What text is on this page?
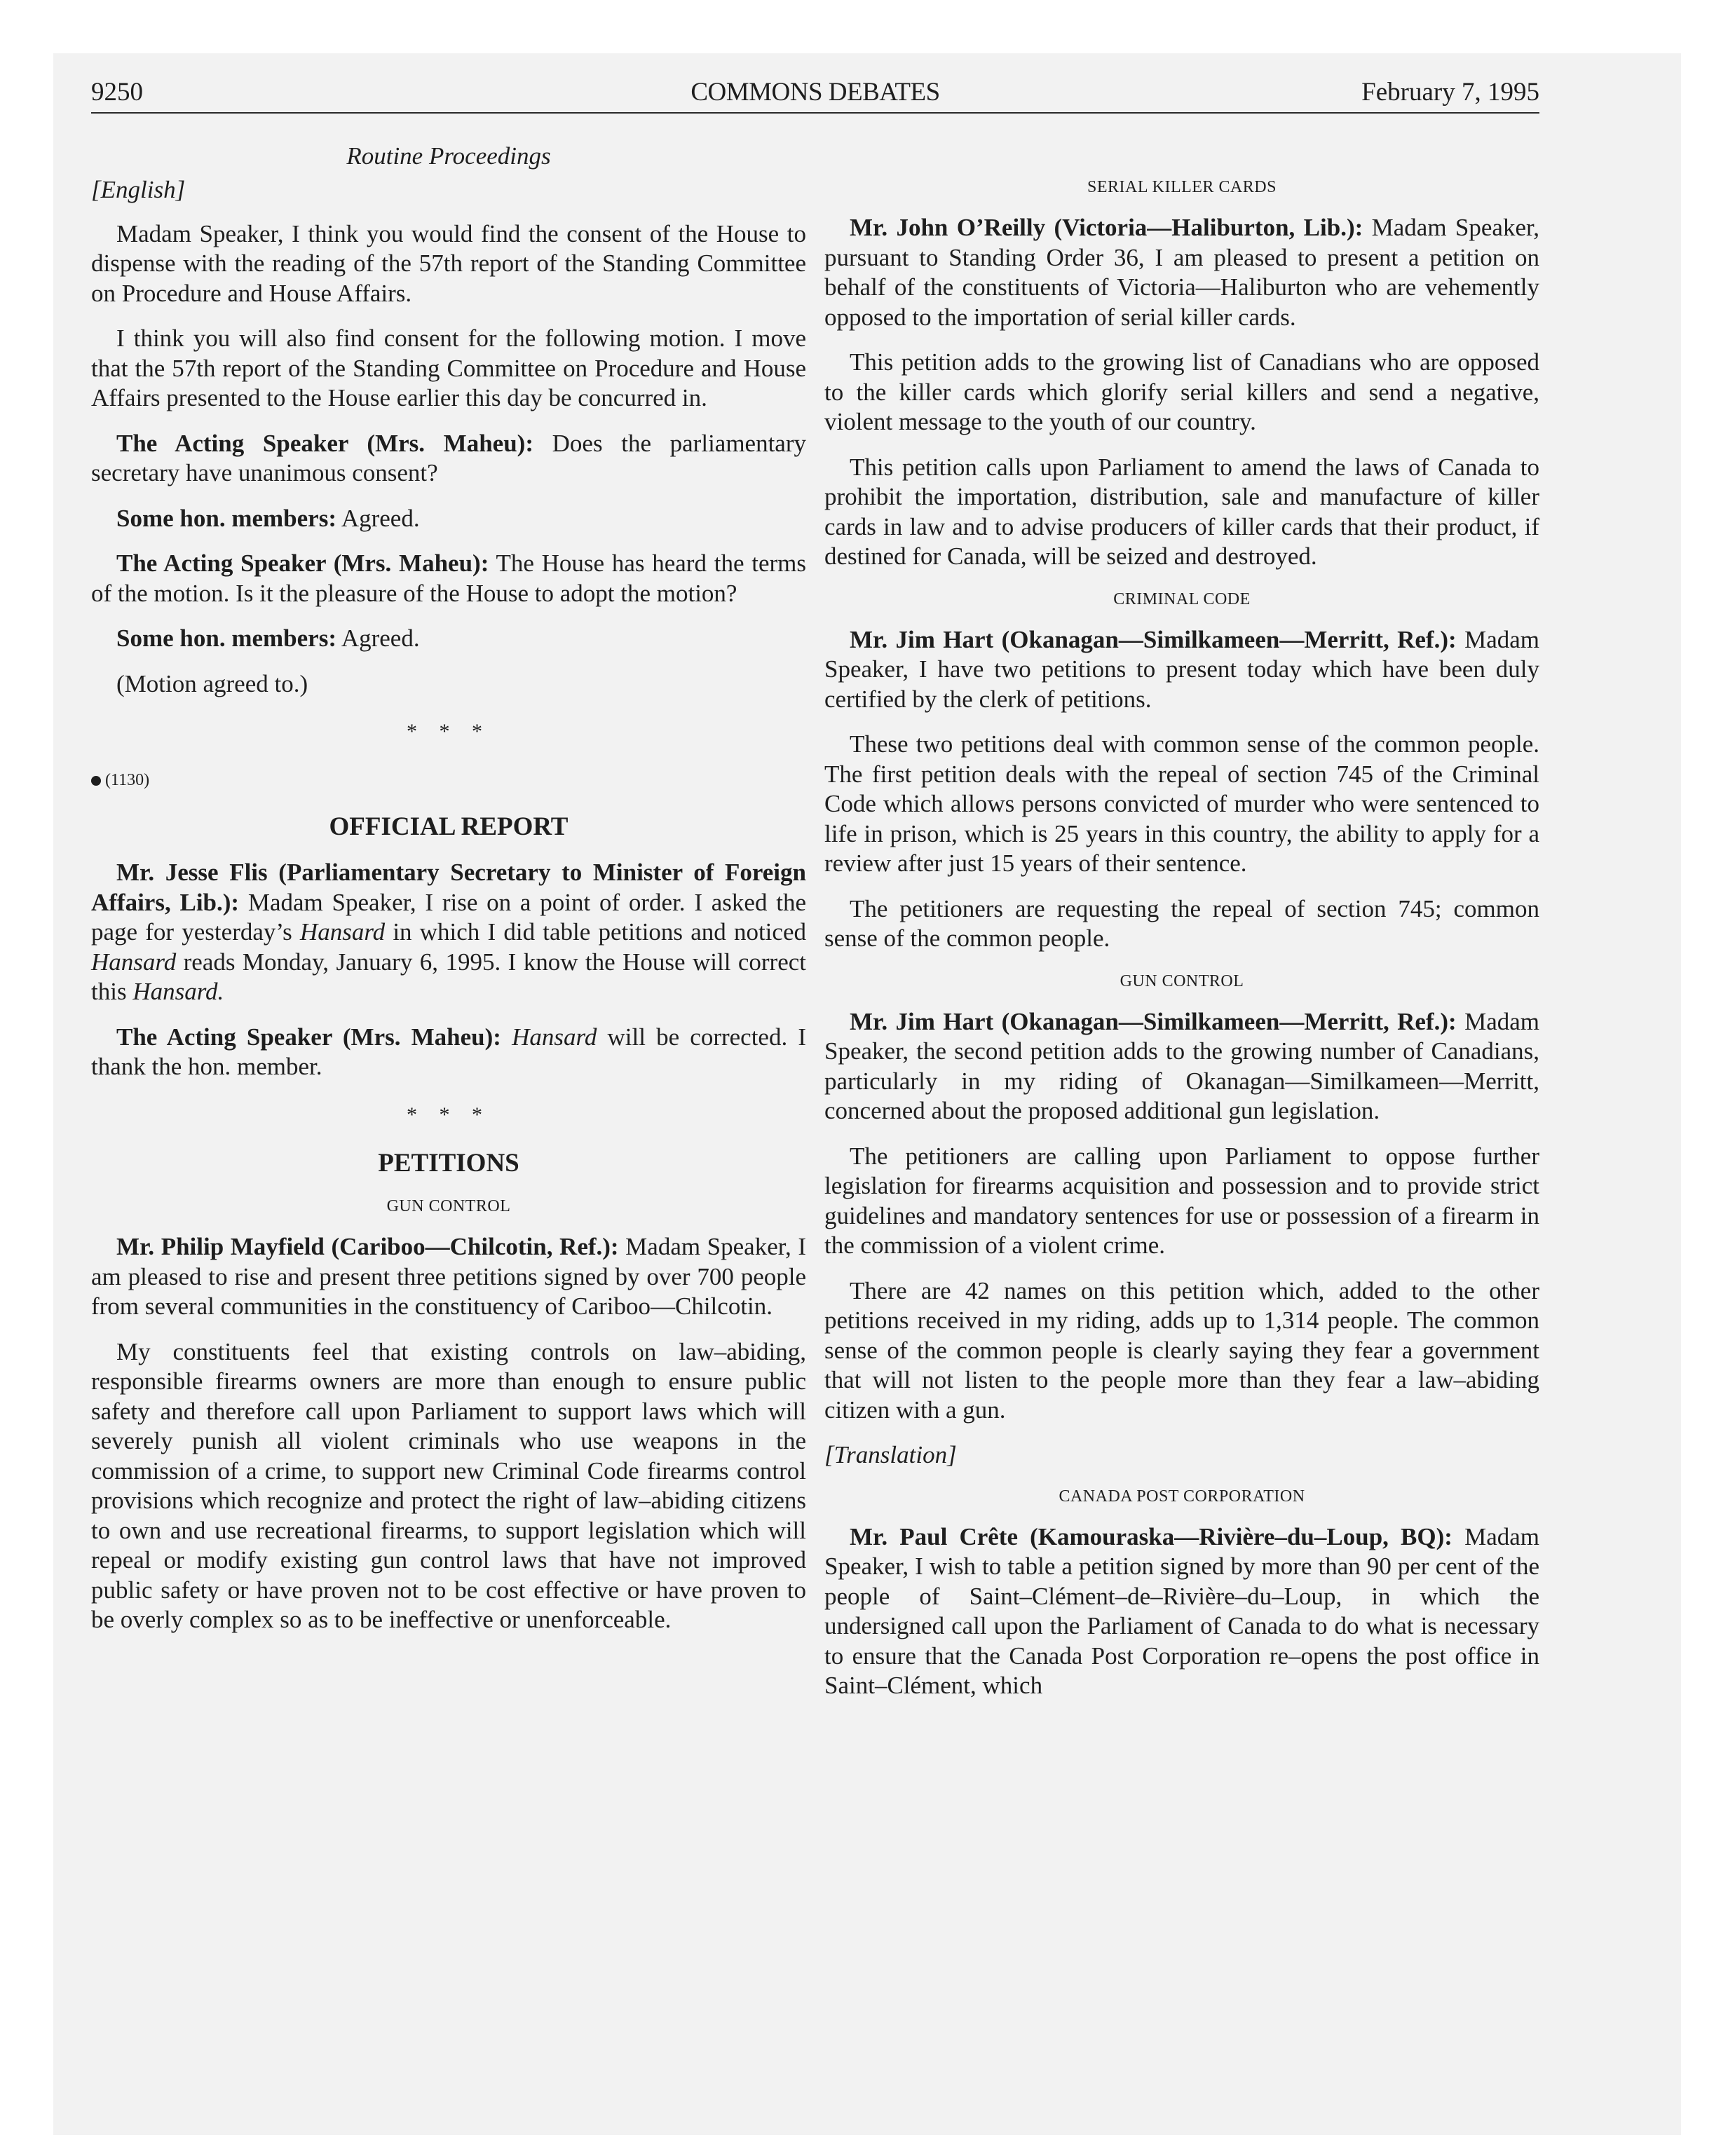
9250	COMMONS DEBATES	February 7, 1995
Routine Proceedings
[English]

Madam Speaker, I think you would find the consent of the House to dispense with the reading of the 57th report of the Standing Committee on Procedure and House Affairs.

I think you will also find consent for the following motion. I move that the 57th report of the Standing Committee on Procedure and House Affairs presented to the House earlier this day be concurred in.

The Acting Speaker (Mrs. Maheu): Does the parliamentary secretary have unanimous consent?

Some hon. members: Agreed.

The Acting Speaker (Mrs. Maheu): The House has heard the terms of the motion. Is it the pleasure of the House to adopt the motion?

Some hon. members: Agreed.

(Motion agreed to.)

* * *
(1130)
OFFICIAL REPORT

Mr. Jesse Flis (Parliamentary Secretary to Minister of Foreign Affairs, Lib.): Madam Speaker, I rise on a point of order. I asked the page for yesterday’s Hansard in which I did table petitions and noticed Hansard reads Monday, January 6, 1995. I know the House will correct this Hansard.

The Acting Speaker (Mrs. Maheu): Hansard will be corrected. I thank the hon. member.

* * *
PETITIONS
GUN CONTROL

Mr. Philip Mayfield (Cariboo—Chilcotin, Ref.): Madam Speaker, I am pleased to rise and present three petitions signed by over 700 people from several communities in the constituency of Cariboo—Chilcotin.

My constituents feel that existing controls on law–abiding, responsible firearms owners are more than enough to ensure public safety and therefore call upon Parliament to support laws which will severely punish all violent criminals who use weapons in the commission of a crime, to support new Criminal Code firearms control provisions which recognize and protect the right of law–abiding citizens to own and use recreational firearms, to support legislation which will repeal or modify existing gun control laws that have not improved public safety or have proven not to be cost effective or have proven to be overly complex so as to be ineffective or unenforceable.

SERIAL KILLER CARDS

Mr. John O’Reilly (Victoria—Haliburton, Lib.): Madam Speaker, pursuant to Standing Order 36, I am pleased to present a petition on behalf of the constituents of Victoria—Haliburton who are vehemently opposed to the importation of serial killer cards.

This petition adds to the growing list of Canadians who are opposed to the killer cards which glorify serial killers and send a negative, violent message to the youth of our country.

This petition calls upon Parliament to amend the laws of Canada to prohibit the importation, distribution, sale and manufacture of killer cards in law and to advise producers of killer cards that their product, if destined for Canada, will be seized and destroyed.

CRIMINAL CODE

Mr. Jim Hart (Okanagan—Similkameen—Merritt, Ref.): Madam Speaker, I have two petitions to present today which have been duly certified by the clerk of petitions.

These two petitions deal with common sense of the common people. The first petition deals with the repeal of section 745 of the Criminal Code which allows persons convicted of murder who were sentenced to life in prison, which is 25 years in this country, the ability to apply for a review after just 15 years of their sentence.

The petitioners are requesting the repeal of section 745; common sense of the common people.

GUN CONTROL

Mr. Jim Hart (Okanagan—Similkameen—Merritt, Ref.): Madam Speaker, the second petition adds to the growing number of Canadians, particularly in my riding of Okanagan—Similkameen—Merritt, concerned about the proposed additional gun legislation.

The petitioners are calling upon Parliament to oppose further legislation for firearms acquisition and possession and to provide strict guidelines and mandatory sentences for use or possession of a firearm in the commission of a violent crime.

There are 42 names on this petition which, added to the other petitions received in my riding, adds up to 1,314 people. The common sense of the common people is clearly saying they fear a government that will not listen to the people more than they fear a law–abiding citizen with a gun.

[Translation]
CANADA POST CORPORATION

Mr. Paul Crête (Kamouraska—Rivière–du–Loup, BQ): Madam Speaker, I wish to table a petition signed by more than 90 per cent of the people of Saint–Clément–de–Rivière–du–Loup, in which the undersigned call upon the Parliament of Canada to do what is necessary to ensure that the Canada Post Corporation re–opens the post office in Saint–Clément, which
